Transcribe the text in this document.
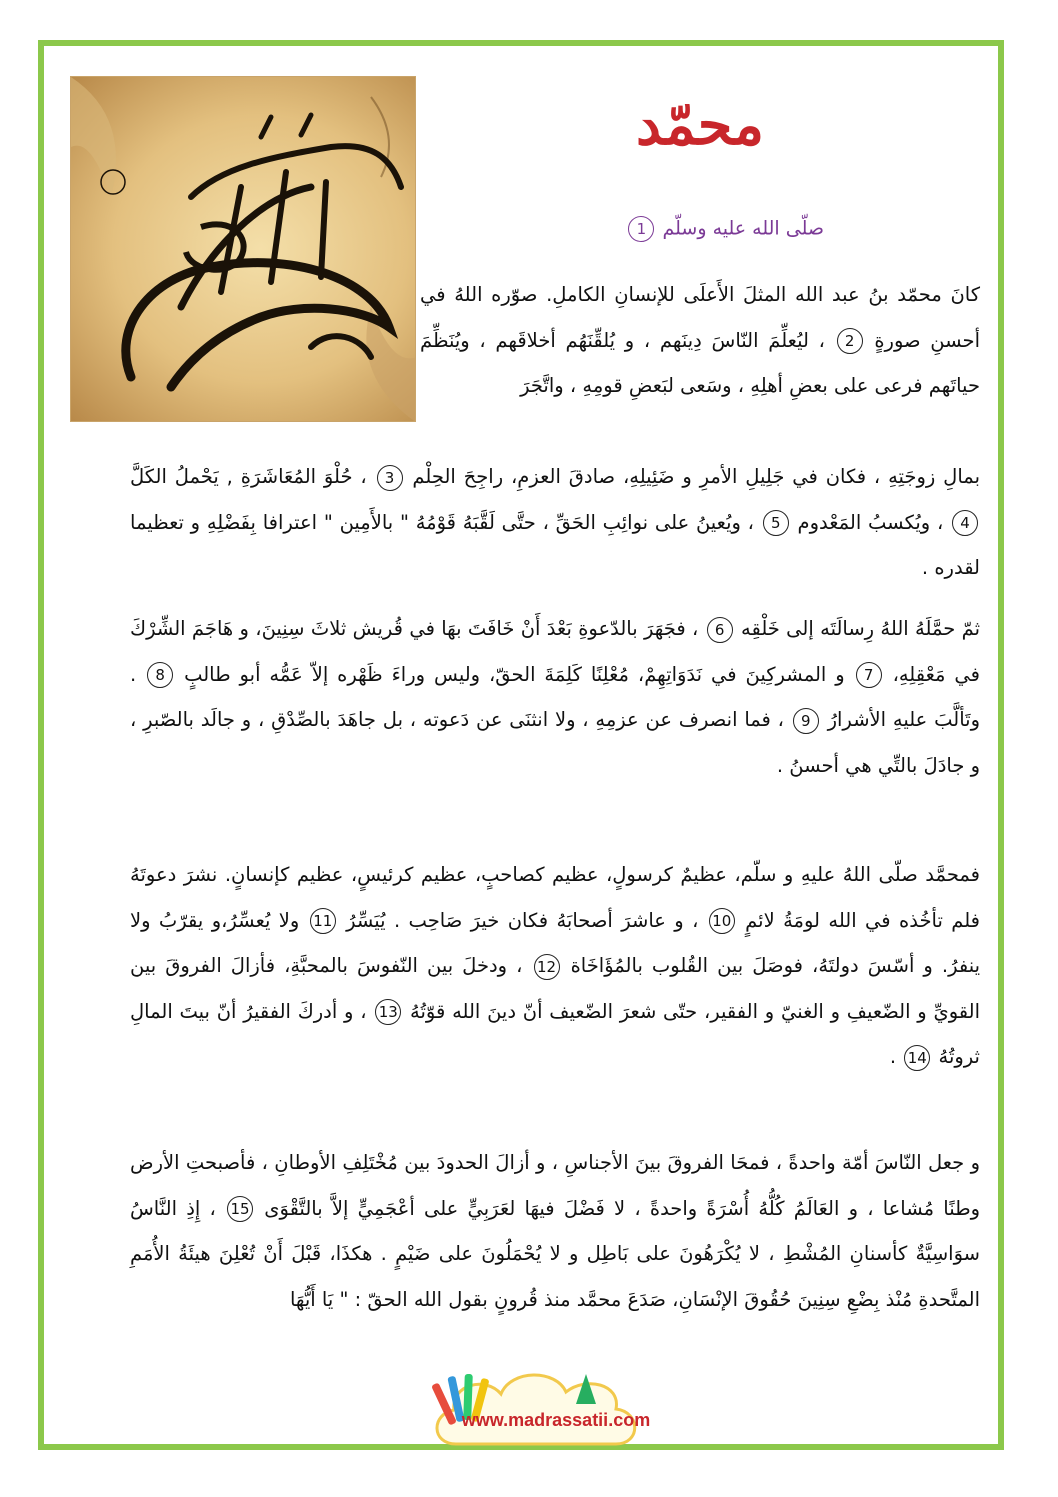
محمّد
صلّى الله عليه وسلّم 1

كانَ محمّد بنُ عبد الله المثلَ الأَعلَى للإنسانِ الكاملِ. صوّره اللهُ في أحسنِ صورةٍ 2 ، ليُعلِّمَ النّاسَ دِينَهم ، و يُلقِّنَهُم أخلاقَهم ، ويُنَظِّمَ حياتَهم فرعى على بعضِ أهلِهِ ، وسَعى لبَعضِ قومِهِ ، واتَّجَرَ

بمالِ زوجَتِهِ ، فكان في جَلِيلِ الأمرِ و ضَئِيلِهِ، صادقَ العزمِ، راجِحَ الحِلْم 3 ، حُلْوَ المُعَاشَرَةِ , يَحْملُ الكَلَّ 4 ، ويُكسبُ المَعْدوم 5 ، ويُعينُ على نوائِبِ الحَقِّ ، حتَّى لَقَّبَهُ قَوْمُهُ " بالأَمِين " اعترافا بِفَضْلِهِ و تعظيما لقدره .

ثمّ حمَّلَهُ اللهُ رِسالَتَه إلى خَلْقِه 6 ، فجَهَرَ بالدّعوةِ بَعْدَ أَنْ خَافَتَ بهَا في قُريش ثلاثَ سِنِينَ، و هَاجَمَ الشِّرْكَ في مَعْقِلِهِ، 7 و المشركِينَ في نَدَوَاتِهِمْ، مُعْلِنًا كَلِمَةَ الحقّ، وليس وراءَ ظَهْره إلاّ عَمُّه أبو طالبٍ 8 . وتَألَّبَ عليهِ الأشرارُ 9 ، فما انصرف عن عزمِهِ ، ولا انثنَى عن دَعوته ، بل جاهَدَ بالصِّدْقِ ، و جالَد بالصّبرِ ، و جادَلَ بالتِّي هي أحسنُ .

فمحمَّد صلّى اللهُ عليهِ و سلّم، عظيمٌ كرسولٍ، عظيم كصاحبٍ، عظيم كرئيسٍ، عظيم كإنسانٍ. نشرَ دعوتَهُ فلم تأخُذه في الله لومَةُ لائمٍ 10 ، و عاشرَ أصحابَهُ فكان خيرَ صَاحِب . يُيَسِّرُ 11 ولا يُعسِّرُ،و يقرّبُ ولا ينفرُ. و أسّسَ دولتَهُ، فوصَلَ بين القُلوب بالمُؤَاخَاة 12 ، ودخلَ بين النّفوسَ بالمحبَّةِ، فأزالَ الفروقَ بين القويِّ و الضّعيفِ و الغنيّ و الفقير، حتّى شعرَ الضّعيف أنّ دينَ الله قوّتُهُ 13 ، و أدركَ الفقيرُ أنّ بيتَ المالِ ثروتُهُ 14 .

و جعل النّاسَ أمّة واحدةً ، فمحَا الفروقَ بينَ الأجناسِ ، و أزالَ الحدودَ بين مُخْتَلِفِ الأوطانِ ، فأصبحتِ الأرض وطنًا مُشاعا ، و العَالَمُ كُلُّهُ أُسْرَةً واحدةً ، لا فَضْلَ فيهَا لعَرَبِيٍّ على أعْجَمِيٍّ إلاَّ بالتَّقْوَى 15 ، إِذِ النَّاسُ سوَاسِيَّةٌ كأسنانِ المُشْطِ ، لا يُكْرَهُونَ على بَاطِل و لا يُحْمَلُونَ على ضَيْمٍ . هكذَا، قَبْلَ أَنْ تُعْلِنَ هيئَةُ الأُمَمِ المتَّحدةِ مُنْذ بِضْعِ سِنِينَ حُقُوقَ الإنْسَانِ، صَدَعَ محمَّد منذ قُرونٍ بقول الله الحقّ : " يَا أَيُّهَا

www.madrassatii.com
